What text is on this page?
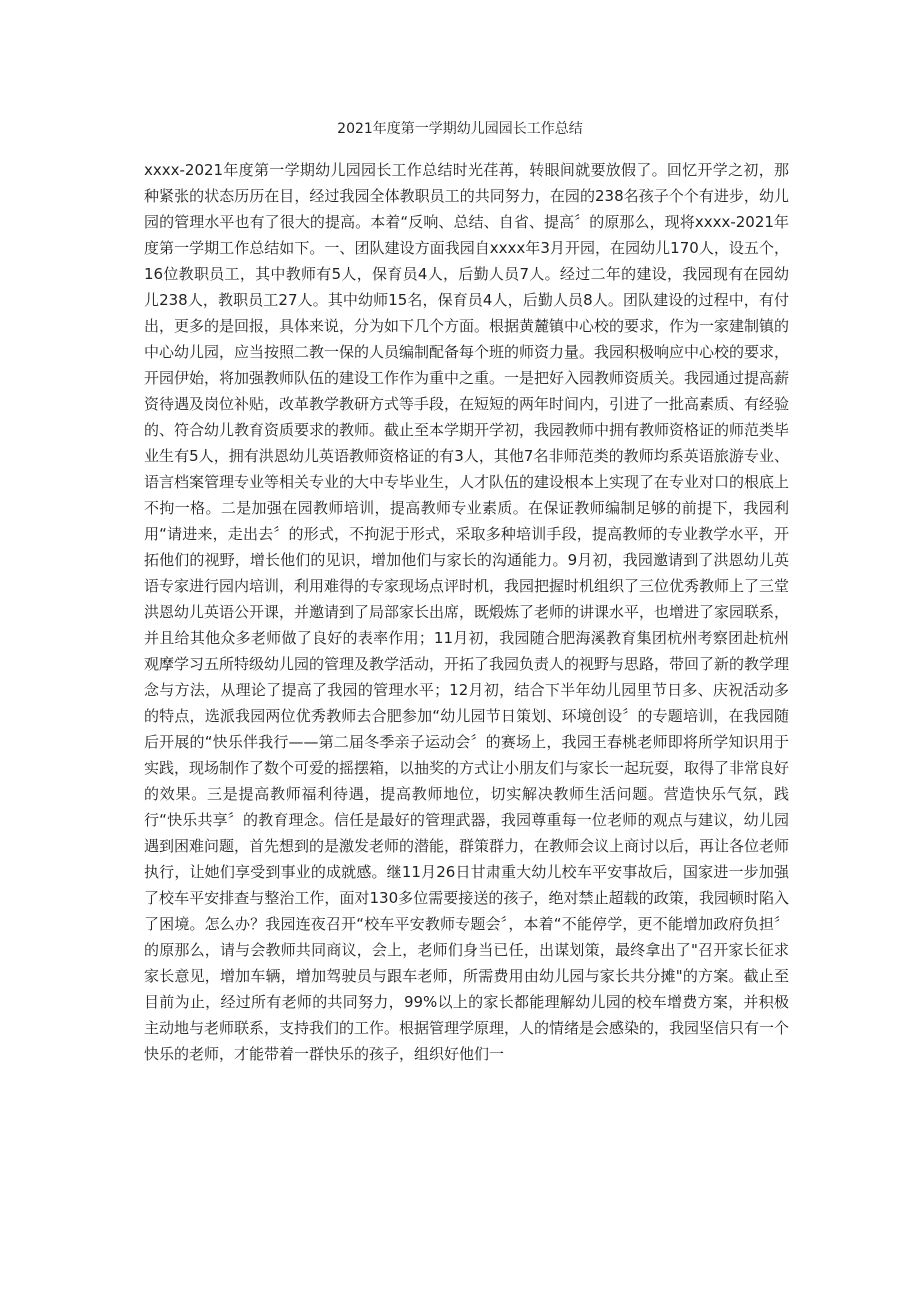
2021年度第一学期幼儿园园长工作总结

xxxx-2021年度第一学期幼儿园园长工作总结时光荏苒，转眼间就要放假了。回忆开学之初，那种紧张的状态历历在目，经过我园全体教职员工的共同努力，在园的238名孩子个个有进步，幼儿园的管理水平也有了很大的提高。本着“反响、总结、自省、提高〞的原那么，现将xxxx-2021年度第一学期工作总结如下。一、团队建设方面我园自xxxx年3月开园，在园幼儿170人，设五个，16位教职员工，其中教师有5人，保育员4人，后勤人员7人。经过二年的建设，我园现有在园幼儿238人，教职员工27人。其中幼师15名，保育员4人，后勤人员8人。团队建设的过程中，有付出，更多的是回报，具体来说，分为如下几个方面。根据黄麓镇中心校的要求，作为一家建制镇的中心幼儿园，应当按照二教一保的人员编制配备每个班的师资力量。我园积极响应中心校的要求，开园伊始，将加强教师队伍的建设工作作为重中之重。一是把好入园教师资质关。我园通过提高薪资待遇及岗位补贴，改革教学教研方式等手段，在短短的两年时间内，引进了一批高素质、有经验的、符合幼儿教育资质要求的教师。截止至本学期开学初，我园教师中拥有教师资格证的师范类毕业生有5人，拥有洪恩幼儿英语教师资格证的有3人，其他7名非师范类的教师均系英语旅游专业、语言档案管理专业等相关专业的大中专毕业生，人才队伍的建设根本上实现了在专业对口的根底上不拘一格。二是加强在园教师培训，提高教师专业素质。在保证教师编制足够的前提下，我园利用“请进来，走出去〞的形式，不拘泥于形式，采取多种培训手段，提高教师的专业教学水平，开拓他们的视野，增长他们的见识，增加他们与家长的沟通能力。9月初，我园邀请到了洪恩幼儿英语专家进行园内培训，利用难得的专家现场点评时机，我园把握时机组织了三位优秀教师上了三堂洪恩幼儿英语公开课，并邀请到了局部家长出席，既煅炼了老师的讲课水平，也增进了家园联系，并且给其他众多老师做了良好的表率作用；11月初，我园随合肥海溪教育集团杭州考察团赴杭州观摩学习五所特级幼儿园的管理及教学活动，开拓了我园负责人的视野与思路，带回了新的教学理念与方法，从理论了提高了我园的管理水平；12月初，结合下半年幼儿园里节日多、庆祝活动多的特点，选派我园两位优秀教师去合肥参加“幼儿园节日策划、环境创设〞的专题培训，在我园随后开展的“快乐伴我行——第二届冬季亲子运动会〞的赛场上，我园王春桃老师即将所学知识用于实践，现场制作了数个可爱的摇摆箱，以抽奖的方式让小朋友们与家长一起玩耍，取得了非常良好的效果。三是提高教师福利待遇，提高教师地位，切实解决教师生活问题。营造快乐气氛，践行“快乐共享〞的教育理念。信任是最好的管理武器，我园尊重每一位老师的观点与建议，幼儿园遇到困难问题，首先想到的是激发老师的潜能，群策群力，在教师会议上商讨以后，再让各位老师执行，让她们享受到事业的成就感。继11月26日甘肃重大幼儿校车平安事故后，国家进一步加强了校车平安排查与整治工作，面对130多位需要接送的孩子，绝对禁止超载的政策，我园顿时陷入了困境。怎么办？我园连夜召开“校车平安教师专题会〞，本着“不能停学，更不能增加政府负担〞的原那么，请与会教师共同商议，会上，老师们身当已任，出谋划策，最终拿出了"召开家长征求家长意见，增加车辆，增加驾驶员与跟车老师，所需费用由幼儿园与家长共分摊"的方案。截止至目前为止，经过所有老师的共同努力，99%以上的家长都能理解幼儿园的校车增费方案，并积极主动地与老师联系，支持我们的工作。根据管理学原理，人的情绪是会感染的，我园坚信只有一个快乐的老师，才能带着一群快乐的孩子，组织好他们一
